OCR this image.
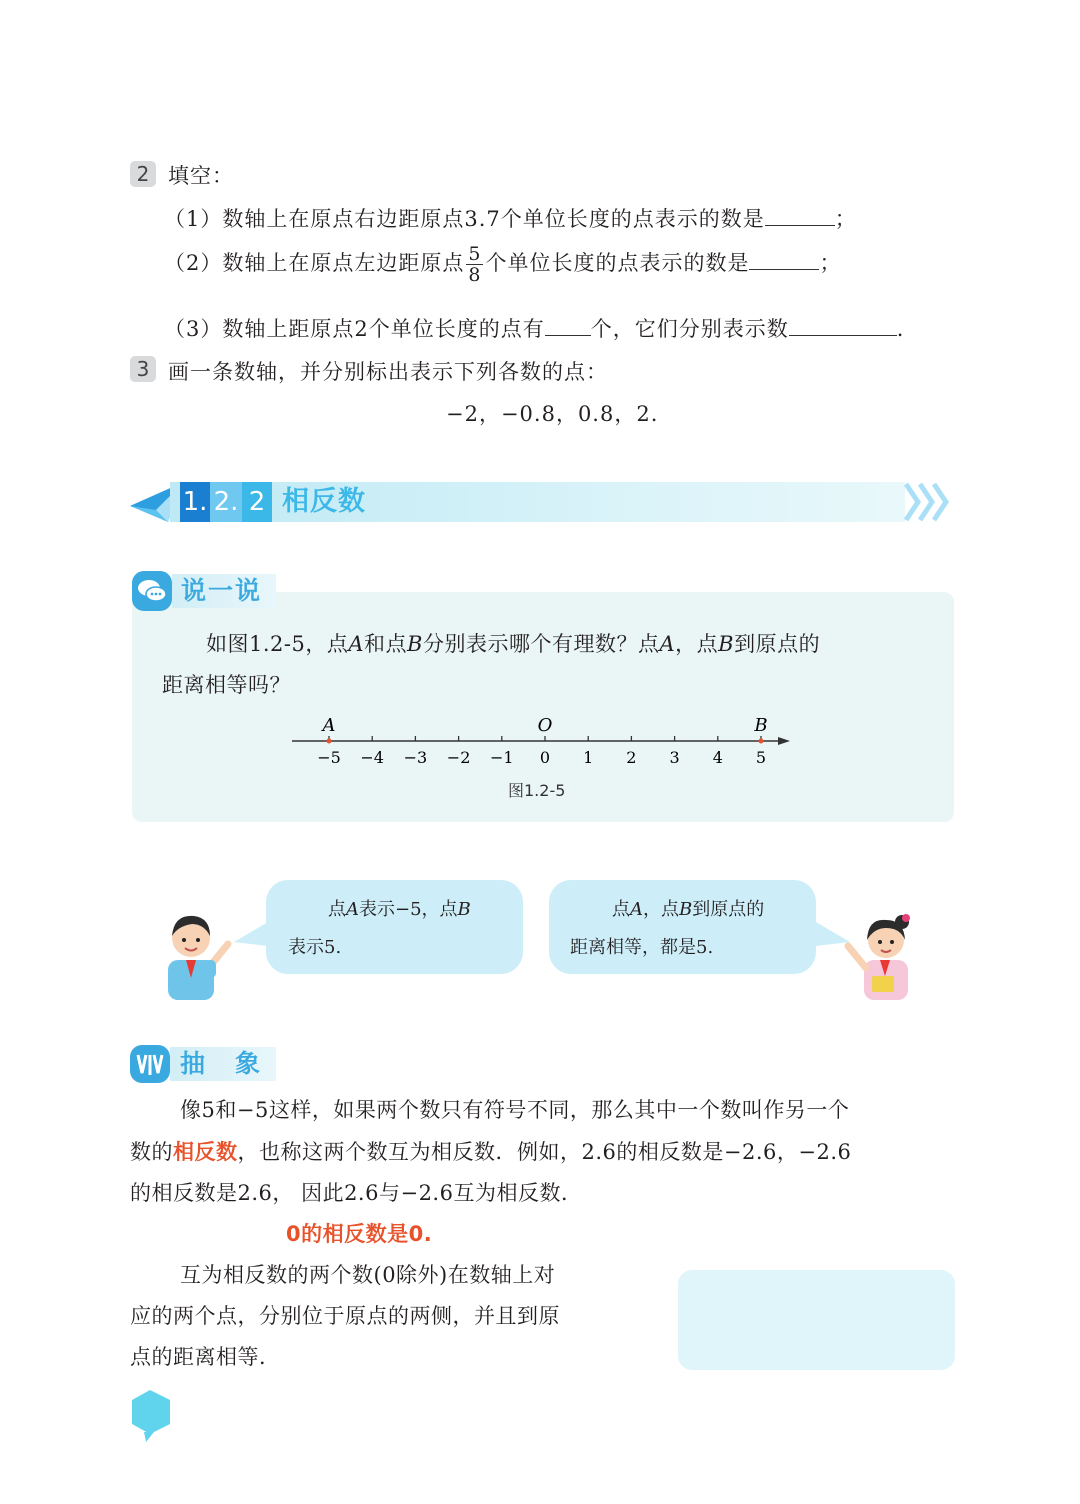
2 填空：
（1）数轴上在原点右边距原点3.7个单位长度的点表示的数是	；
（2）数轴上在原点左边距原点 $\frac{5}{8}$ 个单位长度的点表示的数是	；
（3）数轴上距原点2个单位长度的点有 个，它们分别表示数	.
3 画一条数轴，并分别标出表示下列各数的点：
−2，−0.8，0.8，2.
1. 2. 2 相反数
说一说
如图1.2-5，点A和点B分别表示哪个有理数？点A，点B到原点的
距离相等吗？
−5 −4 −3 −2 −1 0 1 2 3 4 5
A	O	B
图1.2-5
点A表示−5，点B
表示5.
点A，点B到原点的
距离相等，都是5.
抽 象
像5和−5这样，如果两个数只有符号不同，那么其中一个数叫作另一个
数的相反数，也称这两个数互为相反数．例如，2.6的相反数是−2.6，−2.6
的相反数是2.6， 因此2.6与−2.6互为相反数．
0的相反数是0.
互为相反数的两个数(0除外)在数轴上对
应的两个点，分别位于原点的两侧，并且到原
点的距离相等．
